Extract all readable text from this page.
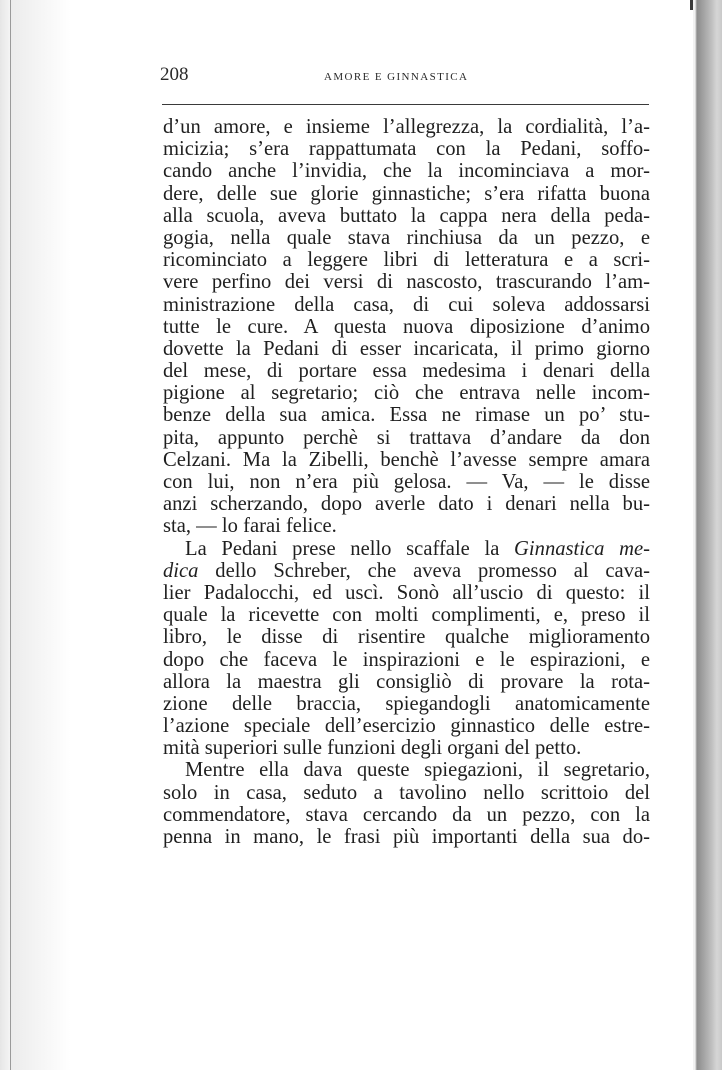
208	AMORE E GINNASTICA
d’un amore, e insieme l’allegrezza, la cordialità, l’a-
micizia; s’era rappattumata con la Pedani, soffo-
cando anche l’invidia, che la incominciava a mor-
dere, delle sue glorie ginnastiche; s’era rifatta buona
alla scuola, aveva buttato la cappa nera della peda-
gogia, nella quale stava rinchiusa da un pezzo, e
ricominciato a leggere libri di letteratura e a scri-
vere perfino dei versi di nascosto, trascurando l’am-
ministrazione della casa, di cui soleva addossarsi
tutte le cure. A questa nuova diposizione d’animo
dovette la Pedani di esser incaricata, il primo giorno
del mese, di portare essa medesima i denari della
pigione al segretario; ciò che entrava nelle incom-
benze della sua amica. Essa ne rimase un po’ stu-
pita, appunto perchè si trattava d’andare da don
Celzani. Ma la Zibelli, benchè l’avesse sempre amara
con lui, non n’era più gelosa. — Va, — le disse
anzi scherzando, dopo averle dato i denari nella bu-
sta, — lo farai felice.
La Pedani prese nello scaffale la Ginnastica me-
dica dello Schreber, che aveva promesso al cava-
lier Padalocchi, ed uscì. Sonò all’uscio di questo: il
quale la ricevette con molti complimenti, e, preso il
libro, le disse di risentire qualche miglioramento
dopo che faceva le inspirazioni e le espirazioni, e
allora la maestra gli consigliò di provare la rota-
zione delle braccia, spiegandogli anatomicamente
l’azione speciale dell’esercizio ginnastico delle estre-
mità superiori sulle funzioni degli organi del petto.
Mentre ella dava queste spiegazioni, il segretario,
solo in casa, seduto a tavolino nello scrittoio del
commendatore, stava cercando da un pezzo, con la
penna in mano, le frasi più importanti della sua do-
